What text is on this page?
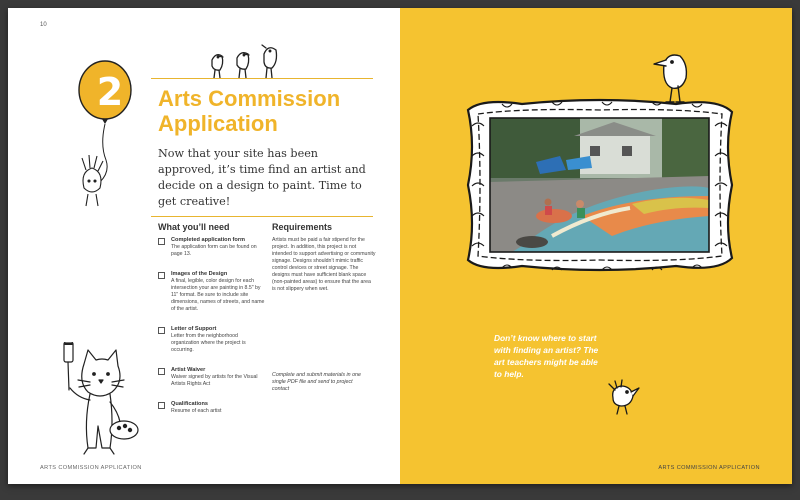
10
2	Arts Commission Application
Now that your site has been approved, it’s time find an artist and decide on a design to paint. Time to get creative!
What you’ll need	Requirements
Completed application form
The application form can be found on page 13.
Images of the Design
A final, legible, color design for each intersection your are painting in 8.5" by 11" format. Be sure to include site dimensions, names of streets, and name of the artist.
Letter of Support
Letter from the neighborhood organization where the project is occurring.
Artist Waiver
Waiver signed by artists for the Visual Artists Rights Act
Qualifications
Resume of each artist
Artists must be paid a fair stipend for the project. In addition, this project is not intended to support advertising or community signage. Designs shouldn’t mimic traffic control devices or street signage. The designs must have sufficient blank space (non-painted areas) to ensure that the area is not slippery when wet.
Complete and submit materials in one single PDF file and send to project contact
ARTS COMMISSION APPLICATION
Don’t know where to start with finding an artist? The art teachers might be able to help.
ARTS COMMISSION APPLICATION
